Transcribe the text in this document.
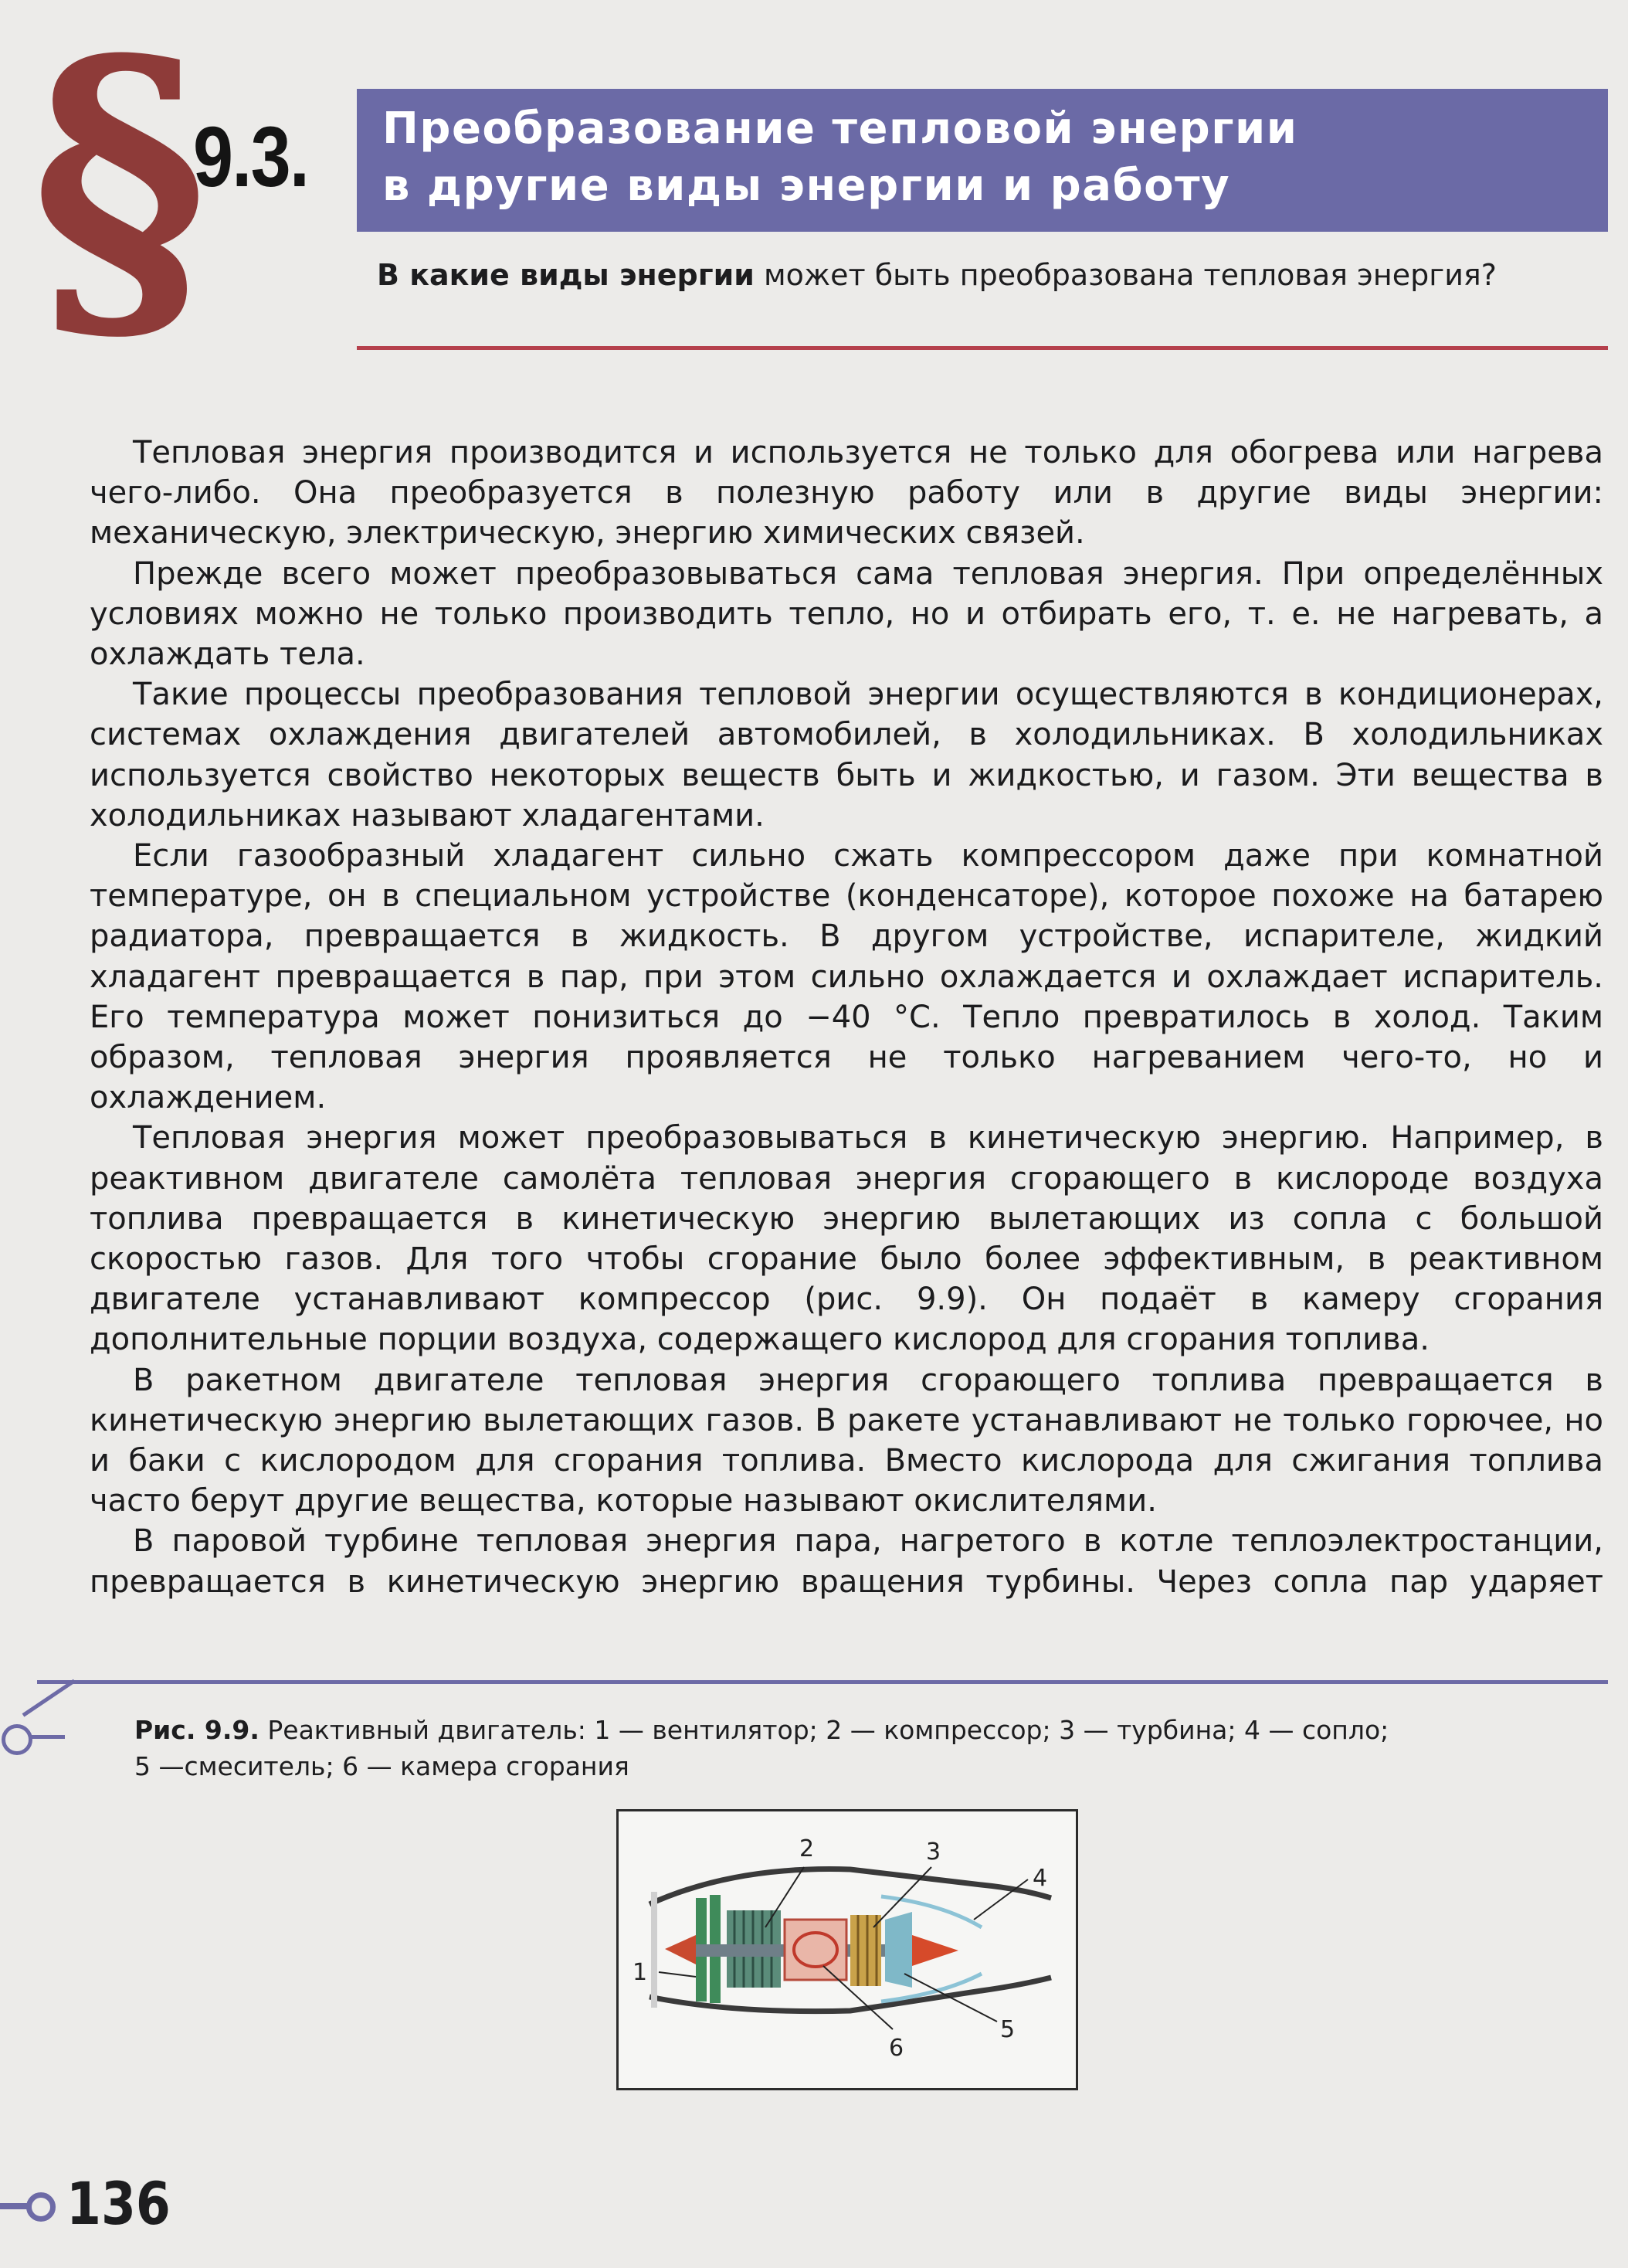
§
9.3. Преобразование тепловой энергии
в другие виды энергии и работу
В какие виды энергии может быть преобразована тепловая энергия?

Тепловая энергия производится и используется не только для обогрева или нагрева чего-либо. Она преобразуется в полезную работу или в другие виды энергии: механическую, электрическую, энергию химических связей.

Прежде всего может преобразовываться сама тепловая энергия. При определённых условиях можно не только производить тепло, но и отбирать его, т. е. не нагревать, а охлаждать тела.

Такие процессы преобразования тепловой энергии осуществляются в кондиционерах, системах охлаждения двигателей автомобилей, в холодильниках. В холодильниках используется свойство некоторых веществ быть и жидкостью, и газом. Эти вещества в холодильниках называют хладагентами.

Если газообразный хладагент сильно сжать компрессором даже при комнатной температуре, он в специальном устройстве (конденсаторе), которое похоже на батарею радиатора, превращается в жидкость. В другом устройстве, испарителе, жидкий хладагент превращается в пар, при этом сильно охлаждается и охлаждает испаритель. Его температура может понизиться до −40 °С. Тепло превратилось в холод. Таким образом, тепловая энергия проявляется не только нагреванием чего-то, но и охлаждением.

Тепловая энергия может преобразовываться в кинетическую энергию. Например, в реактивном двигателе самолёта тепловая энергия сгорающего в кислороде воздуха топлива превращается в кинетическую энергию вылетающих из сопла с большой скоростью газов. Для того чтобы сгорание было более эффективным, в реактивном двигателе устанавливают компрессор (рис. 9.9). Он подаёт в камеру сгорания дополнительные порции воздуха, содержащего кислород для сгорания топлива.

В ракетном двигателе тепловая энергия сгорающего топлива превращается в кинетическую энергию вылетающих газов. В ракете устанавливают не только горючее, но и баки с кислородом для сгорания топлива. Вместо кислорода для сжигания топлива часто берут другие вещества, которые называют окислителями.

В паровой турбине тепловая энергия пара, нагретого в котле теплоэлектростанции, превращается в кинетическую энергию вращения турбины. Через сопла пар ударяет

Рис. 9.9. Реактивный двигатель: 1 — вентилятор; 2 — компрессор; 3 — турбина; 4 — сопло;
5 —смеситель; 6 — камера сгорания
1
2	3
4
5
6
136
